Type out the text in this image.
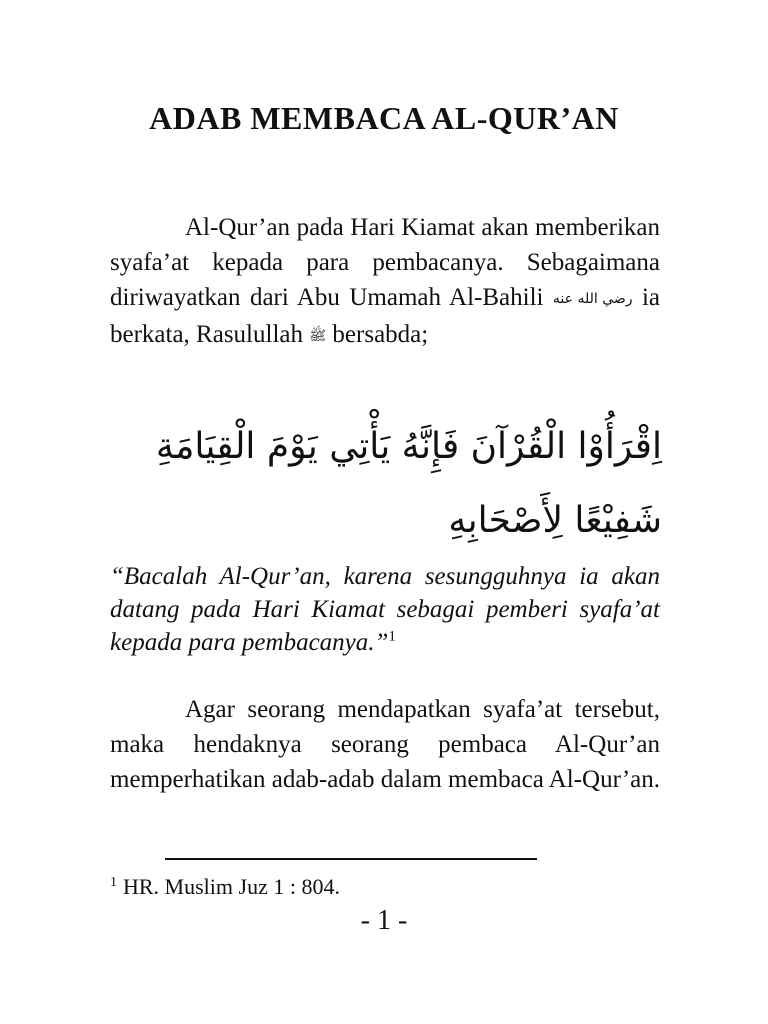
ADAB MEMBACA AL-QUR’AN
Al-Qur’an pada Hari Kiamat akan memberikan syafa’at kepada para pembacanya. Sebagaimana diriwayatkan dari Abu Umamah Al-Bahili رضي الله عنه ia berkata, Rasulullah ﷺ bersabda;
اِقْرَأُوْا الْقُرْآنَ فَإِنَّهُ يَأْتِي يَوْمَ الْقِيَامَةِ
شَفِيْعًا لِأَصْحَابِهِ
“Bacalah Al-Qur’an, karena sesungguhnya ia akan datang pada Hari Kiamat sebagai pemberi syafa’at kepada para pembacanya.”$^1$
Agar seorang mendapatkan syafa’at tersebut, maka hendaknya seorang pembaca Al-Qur’an memperhatikan adab-adab dalam membaca Al-Qur’an.
$^1$ HR. Muslim Juz 1 : 804.
- 1 -
